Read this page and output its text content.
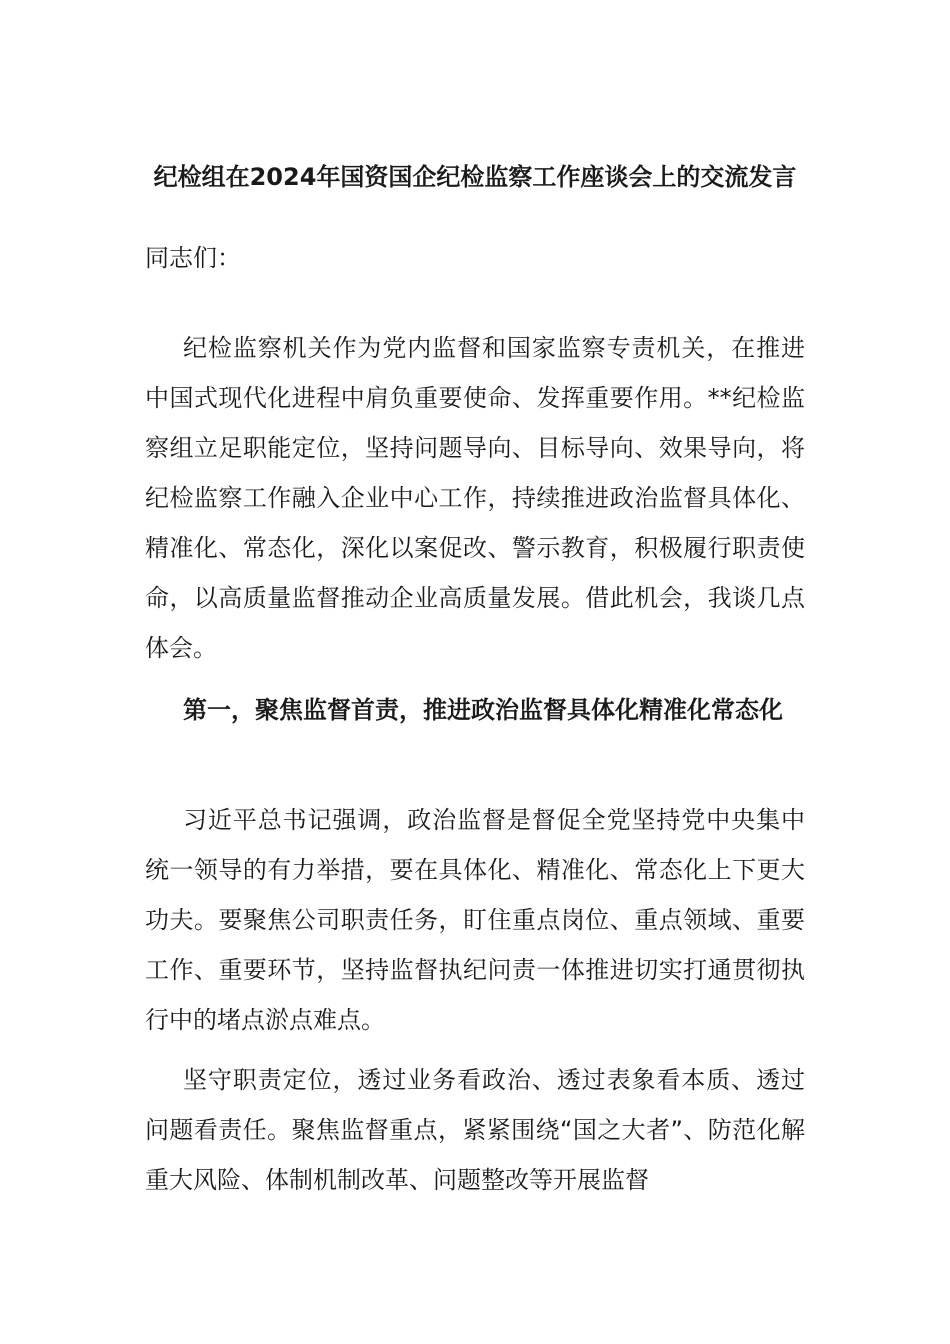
纪检组在2024年国资国企纪检监察工作座谈会上的交流发言

同志们：

纪检监察机关作为党内监督和国家监察专责机关，在推进中国式现代化进程中肩负重要使命、发挥重要作用。**纪检监察组立足职能定位，坚持问题导向、目标导向、效果导向，将纪检监察工作融入企业中心工作，持续推进政治监督具体化、精准化、常态化，深化以案促改、警示教育，积极履行职责使命，以高质量监督推动企业高质量发展。借此机会，我谈几点体会。

第一，聚焦监督首责，推进政治监督具体化精准化常态化

习近平总书记强调，政治监督是督促全党坚持党中央集中统一领导的有力举措，要在具体化、精准化、常态化上下更大功夫。要聚焦公司职责任务，盯住重点岗位、重点领域、重要工作、重要环节，坚持监督执纪问责一体推进切实打通贯彻执行中的堵点淤点难点。

坚守职责定位，透过业务看政治、透过表象看本质、透过问题看责任。聚焦监督重点，紧紧围绕“国之大者”、防范化解重大风险、体制机制改革、问题整改等开展监督
